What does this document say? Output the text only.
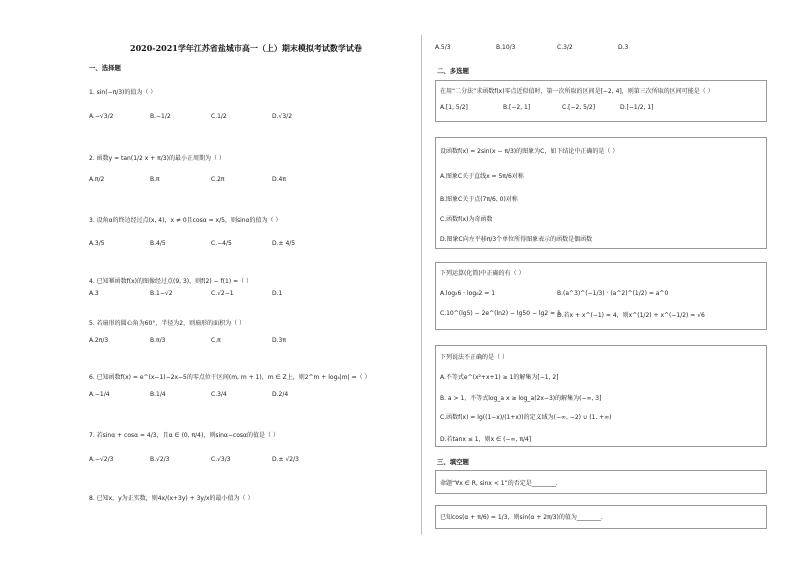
2020-2021学年江苏省盐城市高一（上）期末模拟考试数学试卷
一、选择题
1. sin(−π/3)的值为（ ）
A.−√3/2	B.−1/2	C.1/2	D.√3/2
2. 函数y = tan(1/2 x + π/3)的最小正周期为（ ）
A.π/2	B.π	C.2π	D.4π
3. 设角α的终边经过点(x, 4)，x ≠ 0且cosα = x/5，则sinα的值为（ ）
A.3/5	B.4/5	C.−4/5	D.± 4/5
4. 已知幂函数f(x)的图像经过点(9, 3)，则f(2) − f(1) =（ ）
A.3	B.1−√2	C.√2−1	D.1
5. 若扇形的圆心角为60°，半径为2，则扇形的面积为（ ）
A.2π/3	B.π/3	C.π	D.3π
6. 已知函数f(x) = e^(x−1)−2x−5的零点位于区间(m, m + 1)，m ∈ Z上，则2^m + log₄|m| =（ ）
A.−1/4	B.1/4	C.3/4	D.2/4
7. 若sinα + cosα = 4/3，且α ∈ (0, π/4)，则sinα−cosα的值是（ ）
A.−√2/3	B.√2/3	C.√3/3	D.± √2/3
8. 已知x，y为正实数，则4x/(x+3y) + 3y/x的最小值为（ ）
A.5/3	B.10/3	C.3/2	D.3
二、多选题
在用“二分法”求函数f(x)零点近似值时，第一次所取的区间是[−2, 4]，则第三次所取的区间可能是（ ）
A.[1, 5/2]	B.[−2, 1]	C.[−2, 5/2]	D.[−1/2, 1]
设函数f(x) = 2sin(x − π/3)的图象为C，如下结论中正确的是（ ）
A.图象C关于直线x = 5π/6对称
B.图象C关于点(7π/6, 0)对称
C.函数f(x)为奇函数
D.图象C向左平移π/3个单位所得图象表示的函数是偶函数
下列运算(化简)中正确的有（ ）
A.log₂6 · log₆2 = 1	B.(a^3)^(−1/3) · (a^2)^(1/2) = a^0
C.10^(lg5) − 2e^(ln2) − lg50 − lg2 = 1
D.若x + x^(−1) = 4，则x^(1/2) + x^(−1/2) = √6
下列说法不正确的是（ ）
A.不等式e^(x²+x+1) ≥ 1的解集为[−1, 2]
B. a > 1，不等式log_a x ≥ log_a(2x−3)的解集为(−∞, 3]
C.函数f(x) = lg((1−x)/(1+x))的定义域为(−∞, −2) ∪ (1, +∞)
D.若tanx ≤ 1，则x ∈ (−∞, π/4]
三、填空题
命题“∀x ∈ R, sinx < 1”的否定是________.
已知cos(α + π/6) = 1/3，则sin(α + 2π/3)的值为________.
